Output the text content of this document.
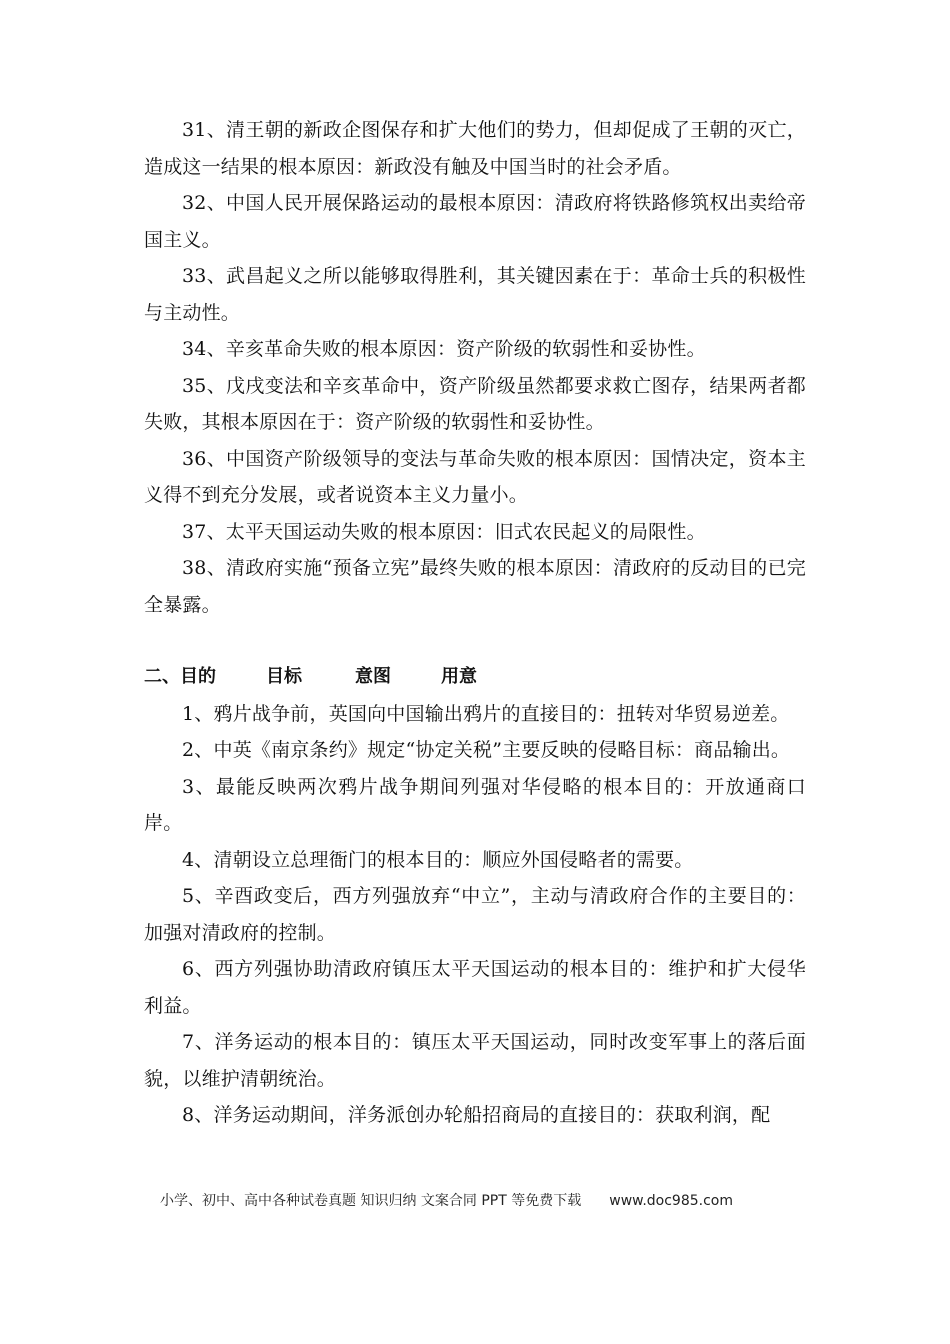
31、清王朝的新政企图保存和扩大他们的势力，但却促成了王朝的灭亡，造成这一结果的根本原因：新政没有触及中国当时的社会矛盾。

32、中国人民开展保路运动的最根本原因：清政府将铁路修筑权出卖给帝国主义。

33、武昌起义之所以能够取得胜利，其关键因素在于：革命士兵的积极性与主动性。

34、辛亥革命失败的根本原因：资产阶级的软弱性和妥协性。

35、戊戌变法和辛亥革命中，资产阶级虽然都要求救亡图存，结果两者都失败，其根本原因在于：资产阶级的软弱性和妥协性。

36、中国资产阶级领导的变法与革命失败的根本原因：国情决定，资本主义得不到充分发展，或者说资本主义力量小。

37、太平天国运动失败的根本原因：旧式农民起义的局限性。

38、清政府实施“预备立宪”最终失败的根本原因：清政府的反动目的已完全暴露。

二、目的	目标	意图	用意

1、鸦片战争前，英国向中国输出鸦片的直接目的：扭转对华贸易逆差。

2、中英《南京条约》规定“协定关税”主要反映的侵略目标：商品输出。

3、最能反映两次鸦片战争期间列强对华侵略的根本目的：开放通商口岸。

4、清朝设立总理衙门的根本目的：顺应外国侵略者的需要。

5、辛酉政变后，西方列强放弃“中立”，主动与清政府合作的主要目的：加强对清政府的控制。

6、西方列强协助清政府镇压太平天国运动的根本目的：维护和扩大侵华利益。

7、洋务运动的根本目的：镇压太平天国运动，同时改变军事上的落后面貌，以维护清朝统治。

8、洋务运动期间，洋务派创办轮船招商局的直接目的：获取利润，配

小学、初中、高中各种试卷真题 知识归纳 文案合同 PPT 等免费下载 www.doc985.com
